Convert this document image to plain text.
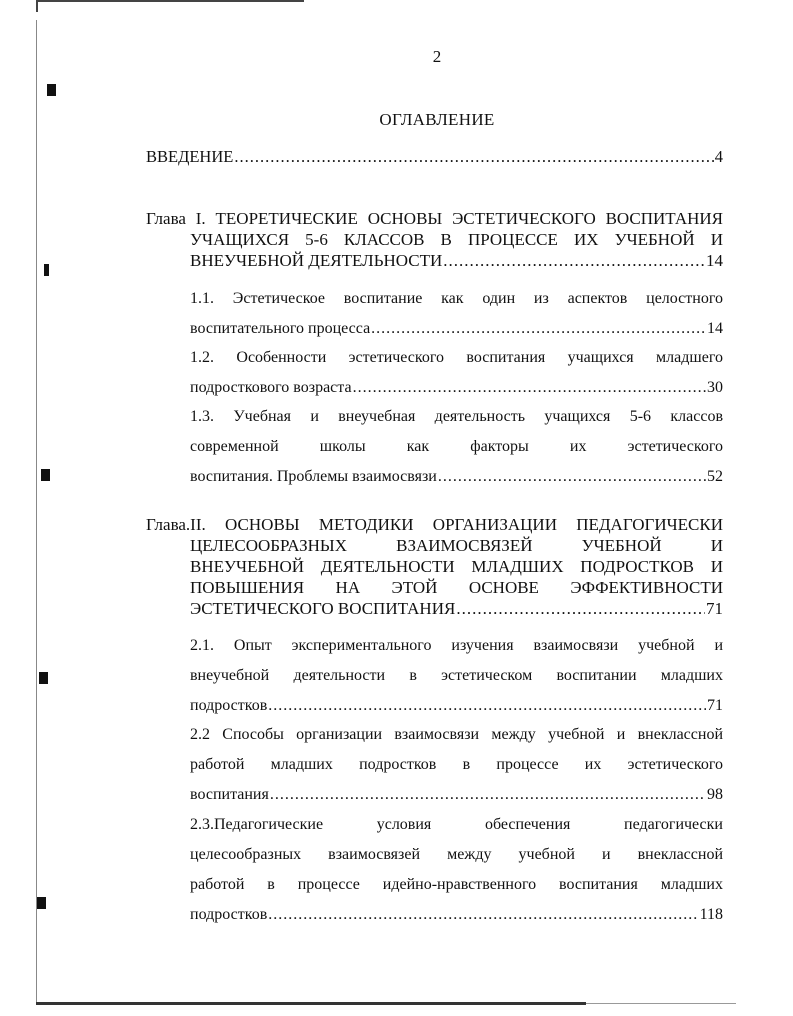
2
ОГЛАВЛЕНИЕ
ВВЕДЕНИЕ .....	4
Глава I. ТЕОРЕТИЧЕСКИЕ ОСНОВЫ ЭСТЕТИЧЕСКОГО ВОСПИТАНИЯ
УЧАЩИХСЯ 5-6 КЛАССОВ В ПРОЦЕССЕ ИХ УЧЕБНОЙ И
ВНЕУЧЕБНОЙ ДЕЯТЕЛЬНОСТИ .....	14
1.1. Эстетическое воспитание как один из аспектов целостного
воспитательного процесса .....	14
1.2. Особенности эстетического воспитания учащихся младшего
подросткового возраста .....	30
1.3. Учебная и внеучебная деятельность учащихся 5-6 классов
современной школы как факторы их эстетического
воспитания. Проблемы взаимосвязи .....	52
Глава.II. ОСНОВЫ МЕТОДИКИ ОРГАНИЗАЦИИ ПЕДАГОГИЧЕСКИ
ЦЕЛЕСООБРАЗНЫХ ВЗАИМОСВЯЗЕЙ УЧЕБНОЙ И
ВНЕУЧЕБНОЙ ДЕЯТЕЛЬНОСТИ МЛАДШИХ ПОДРОСТКОВ И
ПОВЫШЕНИЯ НА ЭТОЙ ОСНОВЕ ЭФФЕКТИВНОСТИ
ЭСТЕТИЧЕСКОГО ВОСПИТАНИЯ .....	71
2.1. Опыт экспериментального изучения взаимосвязи учебной и
внеучебной деятельности в эстетическом воспитании младших
подростков .....	71
2.2 Способы организации взаимосвязи между учебной и внеклассной
работой младших подростков в процессе их эстетического
воспитания .....	98
2.3.Педагогические условия обеспечения педагогически
целесообразных взаимосвязей между учебной и внеклассной
работой в процессе идейно-нравственного воспитания младших
подростков .....	118
